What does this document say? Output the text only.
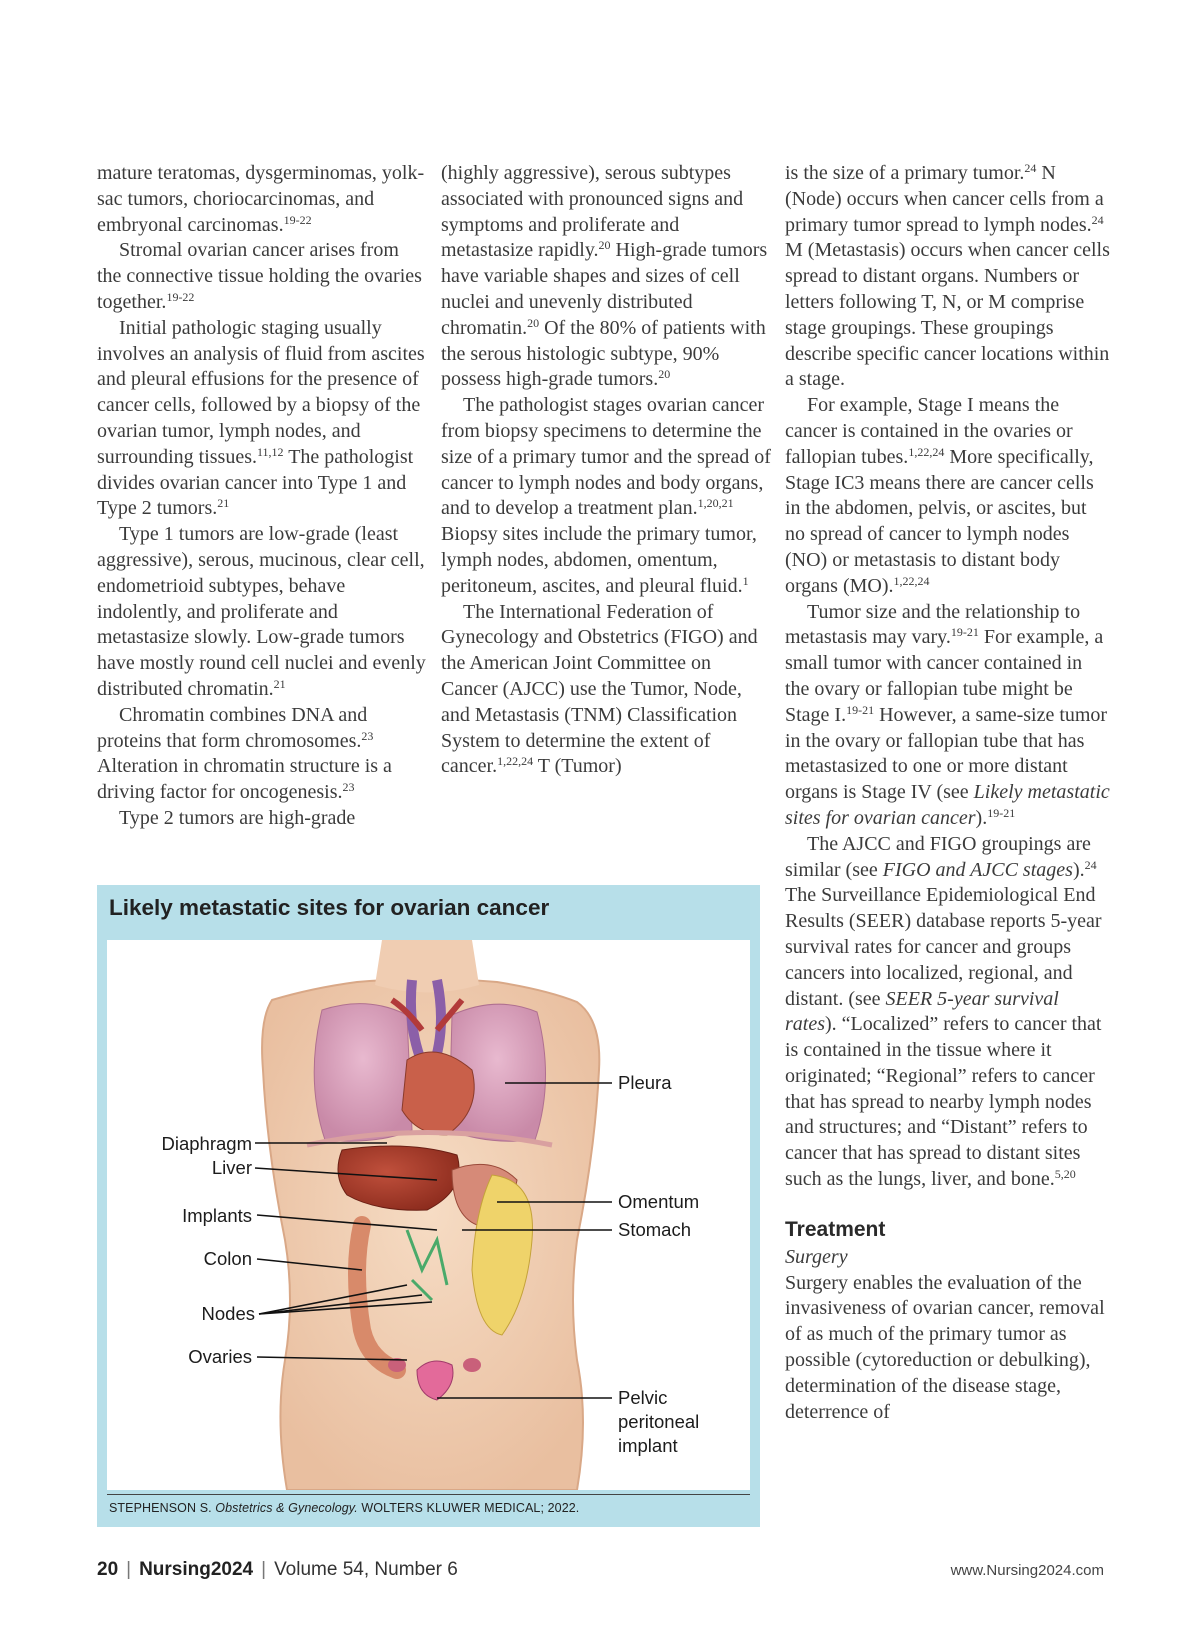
mature teratomas, dysgerminomas, yolk-sac tumors, choriocarcinomas, and embryonal carcinomas.$^{19-22}$

Stromal ovarian cancer arises from the connective tissue holding the ovaries together.$^{19-22}$

Initial pathologic staging usually involves an analysis of fluid from ascites and pleural effusions for the presence of cancer cells, followed by a biopsy of the ovarian tumor, lymph nodes, and surrounding tissues.$^{11,12}$ The pathologist divides ovarian cancer into Type 1 and Type 2 tumors.$^{21}$

Type 1 tumors are low-grade (least aggressive), serous, mucinous, clear cell, endometrioid subtypes, behave indolently, and proliferate and metastasize slowly. Low-grade tumors have mostly round cell nuclei and evenly distributed chromatin.$^{21}$

Chromatin combines DNA and proteins that form chromosomes.$^{23}$ Alteration in chromatin structure is a driving factor for oncogenesis.$^{23}$

Type 2 tumors are high-grade

(highly aggressive), serous subtypes associated with pronounced signs and symptoms and proliferate and metastasize rapidly.$^{20}$ High-grade tumors have variable shapes and sizes of cell nuclei and unevenly distributed chromatin.$^{20}$ Of the 80% of patients with the serous histologic subtype, 90% possess high-grade tumors.$^{20}$

The pathologist stages ovarian cancer from biopsy specimens to determine the size of a primary tumor and the spread of cancer to lymph nodes and body organs, and to develop a treatment plan.$^{1,20,21}$ Biopsy sites include the primary tumor, lymph nodes, abdomen, omentum, peritoneum, ascites, and pleural fluid.$^1$

The International Federation of Gynecology and Obstetrics (FIGO) and the American Joint Committee on Cancer (AJCC) use the Tumor, Node, and Metastasis (TNM) Classification System to determine the extent of cancer.$^{1,22,24}$ T (Tumor)

is the size of a primary tumor.$^{24}$ N (Node) occurs when cancer cells from a primary tumor spread to lymph nodes.$^{24}$ M (Metastasis) occurs when cancer cells spread to distant organs. Numbers or letters following T, N, or M comprise stage groupings. These groupings describe specific cancer locations within a stage.

For example, Stage I means the cancer is contained in the ovaries or fallopian tubes.$^{1,22,24}$ More specifically, Stage IC3 means there are cancer cells in the abdomen, pelvis, or ascites, but no spread of cancer to lymph nodes (NO) or metastasis to distant body organs (MO).$^{1,22,24}$

Tumor size and the relationship to metastasis may vary.$^{19-21}$ For example, a small tumor with cancer contained in the ovary or fallopian tube might be Stage I.$^{19-21}$ However, a same-size tumor in the ovary or fallopian tube that has metastasized to one or more distant organs is Stage IV (see Likely metastatic sites for ovarian cancer).$^{19-21}$

The AJCC and FIGO groupings are similar (see FIGO and AJCC stages).$^{24}$ The Surveillance Epidemiological End Results (SEER) database reports 5-year survival rates for cancer and groups cancers into localized, regional, and distant. (see SEER 5-year survival rates). “Localized” refers to cancer that is contained in the tissue where it originated; “Regional” refers to cancer that has spread to nearby lymph nodes and structures; and “Distant” refers to cancer that has spread to distant sites such as the lungs, liver, and bone.$^{5,20}$

Treatment

Surgery

Surgery enables the evaluation of the invasiveness of ovarian cancer, removal of as much of the primary tumor as possible (cytoreduction or debulking), determination of the disease stage, deterrence of

Likely metastatic sites for ovarian cancer
Diaphragm
Liver
Implants
Colon
Nodes
Ovaries
Pleura
Omentum
Stomach
Pelvic
peritoneal
implant
STEPHENSON S. Obstetrics & Gynecology. WOLTERS KLUWER MEDICAL; 2022.
20 | Nursing2024 | Volume 54, Number 6	www.Nursing2024.com
